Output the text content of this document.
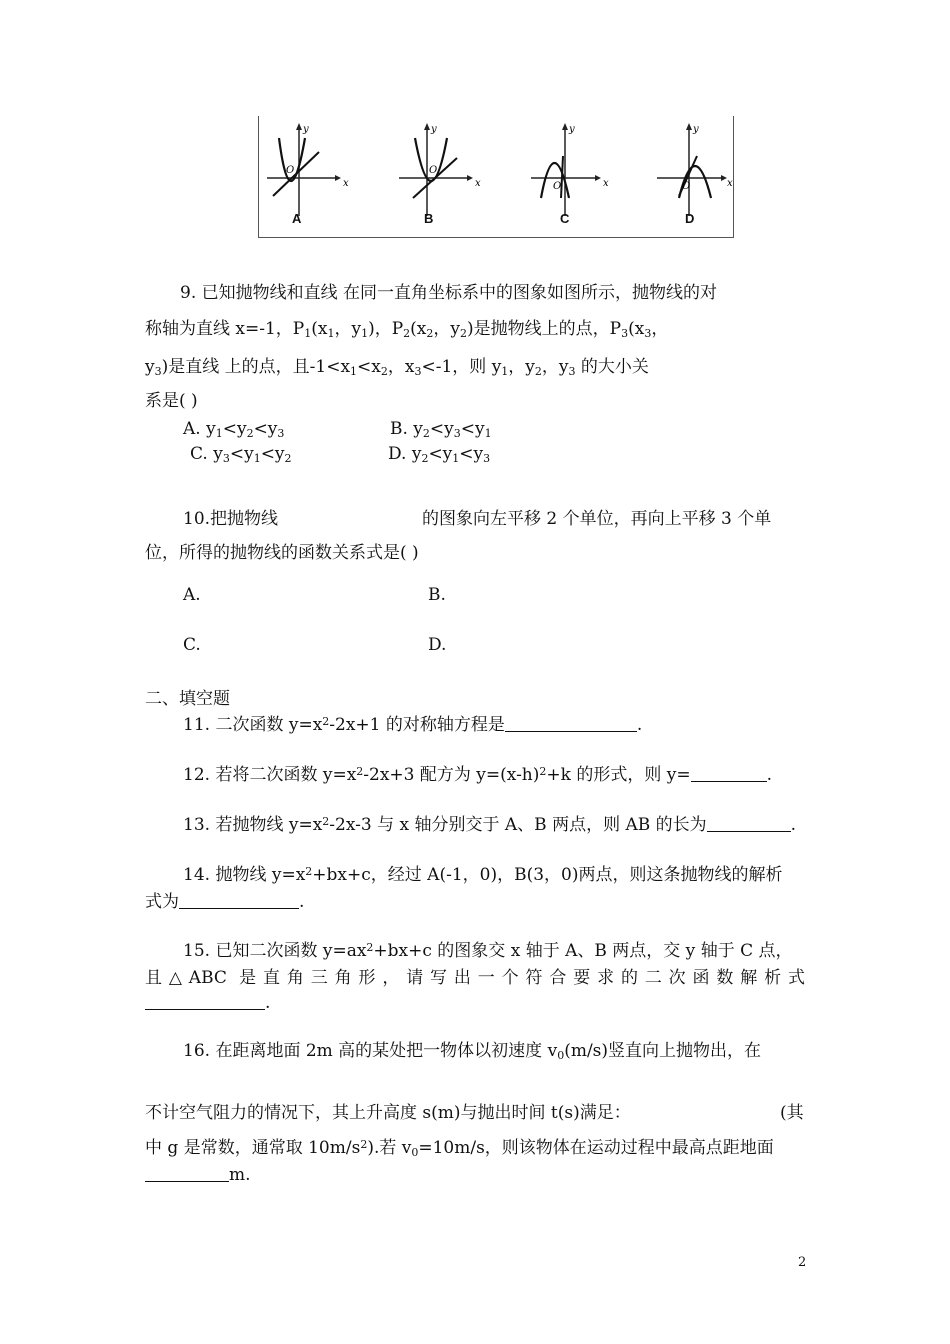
y
x
O
A
y
x
O
B
y
x
O
C
y
x
O
D
9. 已知抛物线和直线 在同一直角坐标系中的图象如图所示，抛物线的对
称轴为直线 x=-1，$P_1(x_1$，$y_1$)，$P_2(x_2$，$y_2$)是抛物线上的点，$P_3(x_3$，
$y_3$)是直线 上的点，且$-1<x_1<x_2$，$x_3<-1$，则 $y_1$，$y_2$，$y_3$ 的大小关
系是( )
A. $y_1<y_2<y_3$	B. $y_2<y_3<y_1$
C. $y_3<y_1<y_2$	D. $y_2<y_1<y_3$
10.把抛物线	的图象向左平移 2 个单位，再向上平移 3 个单
位，所得的抛物线的函数关系式是( )
A.	B.
C.	D.
二、填空题
11. 二次函数 $y=x^2-2x+1$ 的对称轴方程是	.
12. 若将二次函数 $y=x^2-2x+3$ 配方为 $y=(x-h)^2+k$ 的形式，则 y=	.
13. 若抛物线 $y=x^2-2x-3$ 与 x 轴分别交于 A、B 两点，则 AB 的长为	.
14. 抛物线 $y=x^2+bx+c$，经过 A(-1，0)，B(3，0)两点，则这条抛物线的解析
式为	.
15. 已知二次函数 $y=ax^2+bx+c$ 的图象交 x 轴于 A、B 两点，交 y 轴于 C 点，
且△ABC 是直角三角形，请写出一个符合要求的二次函数解析式
.
16. 在距离地面 2m 高的某处把一物体以初速度 $v_0(m/s)$竖直向上抛物出，在
不计空气阻力的情况下，其上升高度 s(m)与抛出时间 t(s)满足：	(其
中 g 是常数，通常取 $10m/s^2$).若 $v_0=10m/s$，则该物体在运动过程中最高点距地面
m.
2
